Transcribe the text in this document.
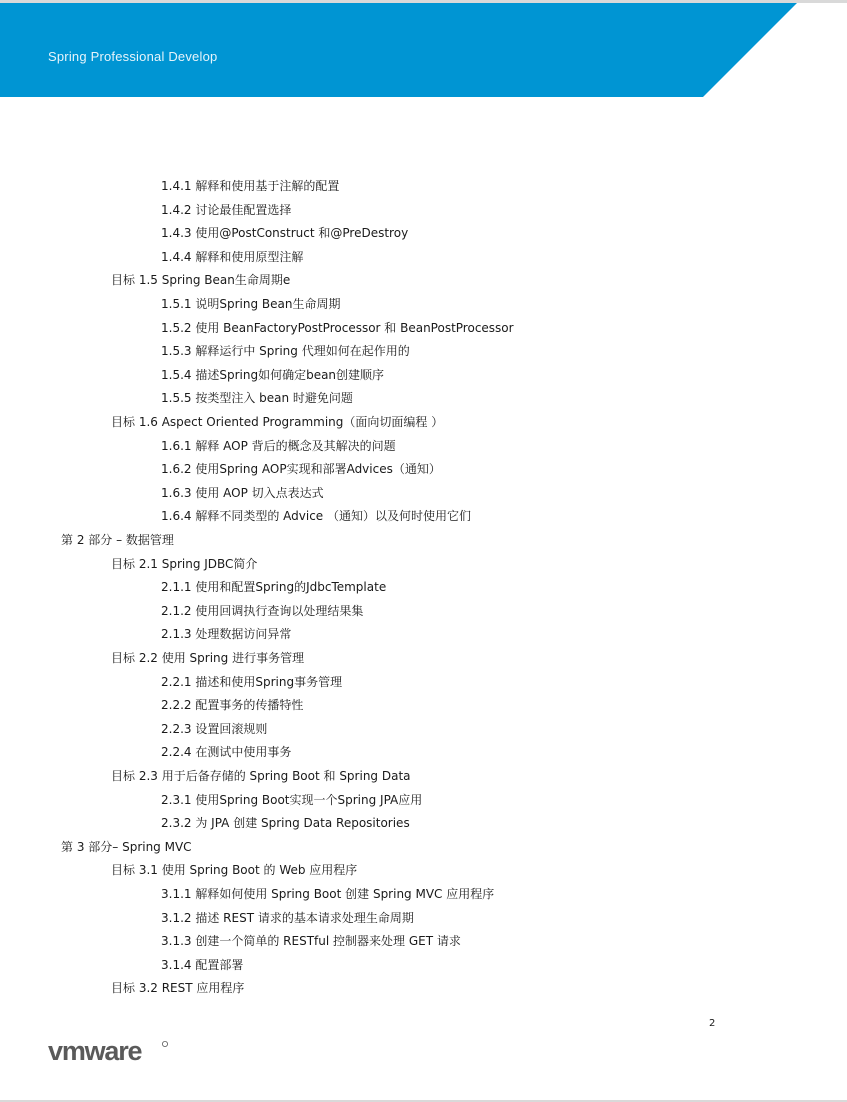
Spring Professional Develop
1.4.1 解释和使用基于注解的配置
1.4.2 讨论最佳配置选择
1.4.3 使用@PostConstruct 和@PreDestroy
1.4.4 解释和使用原型注解
目标 1.5 Spring Bean生命周期e
1.5.1 说明Spring Bean生命周期
1.5.2 使用 BeanFactoryPostProcessor 和 BeanPostProcessor
1.5.3 解释运行中 Spring 代理如何在起作用的
1.5.4 描述Spring如何确定bean创建顺序
1.5.5 按类型注入 bean 时避免问题
目标 1.6 Aspect Oriented Programming（面向切面编程 ）
1.6.1 解释 AOP 背后的概念及其解决的问题
1.6.2 使用Spring AOP实现和部署Advices（通知）
1.6.3 使用 AOP 切入点表达式
1.6.4 解释不同类型的 Advice （通知）以及何时使用它们
第 2 部分 – 数据管理
目标 2.1 Spring JDBC简介
2.1.1 使用和配置Spring的JdbcTemplate
2.1.2 使用回调执行查询以处理结果集
2.1.3 处理数据访问异常
目标 2.2 使用 Spring 进行事务管理
2.2.1 描述和使用Spring事务管理
2.2.2 配置事务的传播特性
2.2.3 设置回滚规则
2.2.4 在测试中使用事务
目标 2.3 用于后备存储的 Spring Boot 和 Spring Data
2.3.1 使用Spring Boot实现一个Spring JPA应用
2.3.2 为 JPA 创建 Spring Data Repositories
第 3 部分– Spring MVC
目标 3.1 使用 Spring Boot 的 Web 应用程序
3.1.1 解释如何使用 Spring Boot 创建 Spring MVC 应用程序
3.1.2 描述 REST 请求的基本请求处理生命周期
3.1.3 创建一个简单的 RESTful 控制器来处理 GET 请求
3.1.4 配置部署
目标 3.2 REST 应用程序
2
vmware
